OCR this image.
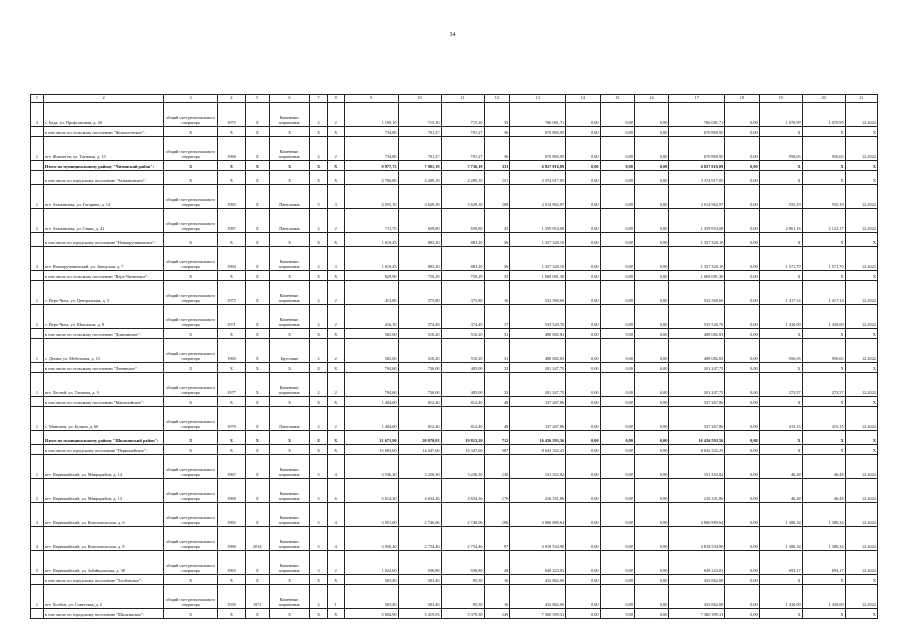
34
1	2	3	4	5	6	7	8	9	10	11	12	13	14	15	16	17	18	19	20	21
3	с. Бада, ул. Профсоюзная, д. 26	общий счет регионального оператора	1975	Х	Каменные, кирпичные	2	2	1 169,10	715,30	715,30	35	766 081,71	0,00	0,00	0,00	766 081,71	0,00	1 070,99	1 070,99	12.2022
	в том числе по сельскому поселению "Жипхегенское":	Х	Х	Х	Х	Х	Х	734,80	701,27	701,27	36	670 869,95	0,00	0,00	0,00	670 869,95	0,00	Х	Х	Х
1	пгт. Жипхеген, ул. Таежная, д. 15	общий счет регионального оператора	1968	Х	Каменные, кирпичные	2	2	734,80	701,27	701,27	36	670 869,95	0,00	0,00	0,00	670 869,95	0,00	956,65	956,65	12.2022
	Итого по муниципальному району "Читинский район":	Х	Х	Х	Х	Х	Х	9 977,75	7 981,19	7 736,19	331	6 827 016,89	0,00	0,00	0,00	6 827 016,89	0,00	Х	Х	Х
	в том числе по городскому поселению "Атамановское":	Х	Х	Х	Х	Х	Х	4 766,80	4 289,10	4 289,10	151	3 374 917,05	0,00	0,00	0,00	3 374 917,05	0,00	Х	Х	Х
1	пгт. Атамановка, ул. Гагарина, д. 14	общий счет регионального оператора	1983	Х	Панельные	5	3	4 055,10	3 629,30	3 629,30	108	2 014 962,97	0,00	0,00	0,00	2 014 962,97	0,00	555,19	555,19	12.2022
2	пгт. Атамановка, ул. Связи, д. 41	общий счет регионального оператора	1987	Х	Панельные	2	2	711,70	659,80	659,80	43	1 359 954,08	0,00	0,00	0,00	1 359 954,08	0,00	2 061,16	2 123,17	12.2022
	в том числе по городскому поселению "Новокручининское":	Х	Х	Х	Х	Х	Х	1 619,45	883,20	883,20	36	1 357 320,10	0,00	0,00	0,00	1 357 320,10	0,00	Х	Х	Х
3	пгт. Новокручининский, ул. Заводская, д. 7	общий счет регионального оператора	1984	Х	Каменные, кирпичные	2	3	1 619,45	883,20	883,20	36	1 357 320,10	0,00	0,00	0,00	1 357 320,10	0,00	1 571,70	1 571,70	12.2021
	в том числе по сельскому поселению "Верх-Читинское":	Х	Х	Х	Х	Х	Х	829,90	750,29	750,29	33	1 068 081,30	0,00	0,00	0,00	1 068 081,30	0,00	Х	Х	Х
1	с. Верх-Чита, ул. Центральная, д. 5	общий счет регионального оператора	1975	Х	Каменные, кирпичные	2	2	413,80	375,80	375,80	16	532 560,60	0,00	0,00	0,00	532 560,60	0,00	1 417,14	1 417,14	12.2022
2	с. Верх-Чита, ул. Школьная, д. 8	общий счет регионального оператора	1971	Х	Каменные, кирпичные	2	2	416,10	374,49	374,49	17	535 520,70	0,00	0,00	0,00	535 520,70	0,00	1 430,00	1 430,00	12.2022
	в том числе по сельскому поселению "Домнинское":	Х	Х	Х	Х	Х	Х	565,00	510,20	510,20	31	488 082,83	0,00	0,00	0,00	488 082,83	0,00	Х	Х	Х
1	с. Домна, ул. Мебельная, д. 15	общий счет регионального оператора	1969	Х	Брусовые	2	2	565,00	510,20	510,20	31	488 082,83	0,00	0,00	0,00	488 082,83	0,00	956,65	956,65	12.2022
	в том числе по сельскому поселению "Ленинское":	Х	Х	Х	Х	Х	Х	794,60	736,00	485,00	33	201 247,75	0,00	0,00	0,00	201 247,75	0,00	Х	Х	Х
1	пгт. Лесной, ул. Таежная, д. 9	общий счет регионального оператора	1977	Х	Каменные, кирпичные	2	2	794,60	736,00	485,00	33	201 247,75	0,00	0,00	0,00	201 247,75	0,00	273,57	273,57	12.2022
	в том числе по сельскому поселению "Мангазейское":	Х	Х	Х	Х	Х	Х	1 404,00	812,40	812,40	48	337 267,86	0,00	0,00	0,00	337 267,86	0,00	Х	Х	Х
1	с. Мангазея, ул. Бутина, д. 60	общий счет регионального оператора	1979	Х	Панельные	2	2	1 404,00	812,40	812,40	48	337 267,86	0,00	0,00	0,00	337 267,86	0,00	415,15	415,15	12.2022
	Итого по муниципальному району "Шилкинский район":	Х	Х	Х	Х	Х	Х	21 671,90	20 070,03	19 813,20	712	16 436 593,56	0,00	0,00	0,00	16 436 593,56	0,00	Х	Х	Х
	в том числе по городскому поселению "Первомайское":	Х	Х	Х	Х	Х	Х	15 683,60	14 347,60	14 347,60	587	8 643 332,25	0,00	0,00	0,00	8 643 332,25	0,00	Х	Х	Х
1	пгт. Первомайский, ул. Микрорайон, д. 14	общий счет регионального оператора	1967	Х	Каменные, кирпичные	5	4	3 536,30	3 256,30	3 256,30	130	151 352,82	0,00	0,00	0,00	151 352,82	0,00	46,48	46,48	12.2022
2	пгт. Первомайский, ул. Микрорайон, д. 13	общий счет регионального оператора	1968	Х	Каменные, кирпичные	5	6	5 014,30	4 654,36	4 654,36	176	216 331,86	0,00	0,00	0,00	216 331,86	0,00	46,48	46,48	12.2022
3	пгт. Первомайский, ул. Комсомольская, д. 6	общий счет регионального оператора	1982	Х	Каменные, кирпичные	5	4	3 051,00	2 746,06	2 746,06	106	3 806 889,64	0,00	0,00	0,00	3 806 889,64	0,00	1 386,34	1 386,34	12.2022
4	пгт. Первомайский, ул. Комсомольская, д. 8	общий счет регионального оператора	1980	2014	Каменные, кирпичные	5	4	3 050,40	2 754,46	2 754,46	97	3 818 534,90	0,00	0,00	0,00	3 818 534,90	0,00	1 386,34	1 386,34	12.2022
5	пгт. Первомайский, ул. Забайкальская, д. 38	общий счет регионального оператора	1963	Х	Каменные, кирпичные	3	2	1 022,60	936,80	936,80	28	649 223,03	0,00	0,00	0,00	649 223,03	0,00	693,17	693,17	12.2022
	в том числе по городскому поселению "Холбонское":	Х	Х	Х	Х	Х	Х	303,40	303,40	85,30	16	433 862,00	0,00	0,00	0,00	433 862,00	0,00	Х	Х	Х
1	пгт. Холбон, ул. Советская, д. 2	общий счет регионального оператора	1939	1971	Каменные, кирпичные	2	1	303,40	303,40	85,30	16	433 862,00	0,00	0,00	0,00	433 862,00	0,00	1 430,00	1 430,00	12.2022
	в том числе по городскому поселению "Шилкинское":	Х	Х	Х	Х	Х	Х	5 684,90	5 419,03	5 379,30	149	7 360 399,31	0,00	0,00	0,00	7 360 399,31	0,00	Х	Х	Х
